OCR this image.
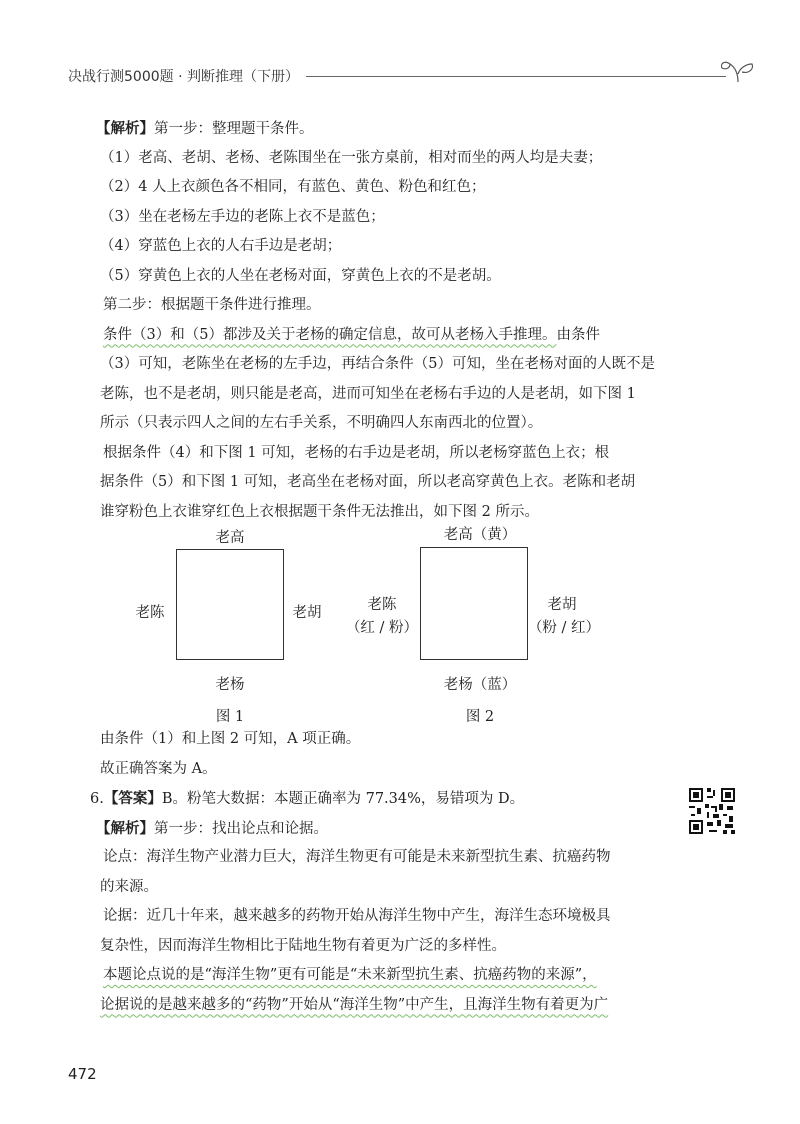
决战行测5000题 · 判断推理（下册）
【解析】第一步：整理题干条件。
（1）老高、老胡、老杨、老陈围坐在一张方桌前，相对而坐的两人均是夫妻；
（2）4 人上衣颜色各不相同，有蓝色、黄色、粉色和红色；
（3）坐在老杨左手边的老陈上衣不是蓝色；
（4）穿蓝色上衣的人右手边是老胡；
（5）穿黄色上衣的人坐在老杨对面，穿黄色上衣的不是老胡。
第二步：根据题干条件进行推理。
条件（3）和（5）都涉及关于老杨的确定信息，故可从老杨入手推理。由条件
（3）可知，老陈坐在老杨的左手边，再结合条件（5）可知，坐在老杨对面的人既不是
老陈，也不是老胡，则只能是老高，进而可知坐在老杨右手边的人是老胡，如下图 1
所示（只表示四人之间的左右手关系，不明确四人东南西北的位置）。
根据条件（4）和下图 1 可知，老杨的右手边是老胡，所以老杨穿蓝色上衣；根
据条件（5）和下图 1 可知，老高坐在老杨对面，所以老高穿黄色上衣。老陈和老胡
谁穿粉色上衣谁穿红色上衣根据题干条件无法推出，如下图 2 所示。
老高
老陈	老胡
老杨
图 1
老高（黄）
老陈
（红 / 粉）
老胡
（粉 / 红）
老杨（蓝）
图 2
由条件（1）和上图 2 可知，A 项正确。
故正确答案为 A。
6.【答案】B。粉笔大数据：本题正确率为 77.34%，易错项为 D。
【解析】第一步：找出论点和论据。
论点：海洋生物产业潜力巨大，海洋生物更有可能是未来新型抗生素、抗癌药物
的来源。
论据：近几十年来，越来越多的药物开始从海洋生物中产生，海洋生态环境极具
复杂性，因而海洋生物相比于陆地生物有着更为广泛的多样性。
本题论点说的是“海洋生物”更有可能是“未来新型抗生素、抗癌药物的来源”，
论据说的是越来越多的“药物”开始从“海洋生物”中产生，且海洋生物有着更为广
472
